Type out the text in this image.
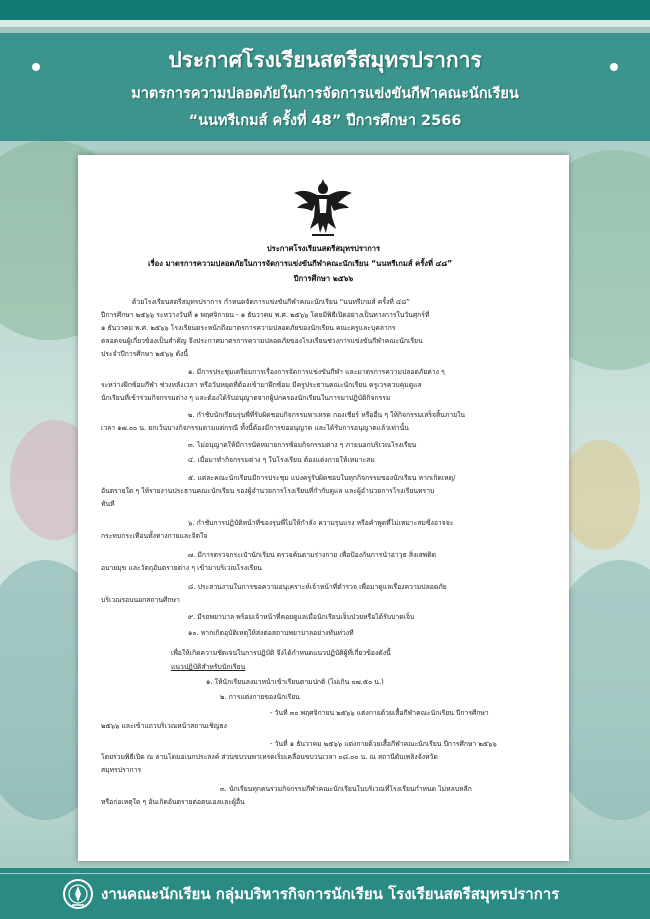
ประกาศโรงเรียนสตรีสมุทรปราการ
มาตรการความปลอดภัยในการจัดการแข่งขันกีฬาคณะนักเรียน
“นนทรีเกมส์ ครั้งที่ 48” ปีการศึกษา 2566
ประกาศโรงเรียนสตรีสมุทรปราการ
เรื่อง มาตรการความปลอดภัยในการจัดการแข่งขันกีฬาคณะนักเรียน “นนทรีเกมส์ ครั้งที่ ๔๘”
ปีการศึกษา ๒๕๖๖
ด้วยโรงเรียนสตรีสมุทรปราการ กำหนดจัดการแข่งขันกีฬาคณะนักเรียน “นนทรีเกมส์ ครั้งที่ ๔๘”
ปีการศึกษา ๒๕๖๖ ระหว่างวันที่ ๑ พฤศจิกายน - ๑ ธันวาคม พ.ศ. ๒๕๖๖ โดยมีพิธีเปิดอย่างเป็นทางการในวันศุกร์ที่
๑ ธันวาคม พ.ศ. ๒๕๖๖ โรงเรียนตระหนักถึงมาตรการความปลอดภัยของนักเรียน คณะครูและบุคลากร
ตลอดจนผู้เกี่ยวข้องเป็นสำคัญ จึงประกาศมาตรการความปลอดภัยของโรงเรียนช่วงการแข่งขันกีฬาคณะนักเรียน
ประจำปีการศึกษา ๒๕๖๖ ดังนี้
๑. มีการประชุมเตรียมการเรื่องการจัดการแข่งขันกีฬา และมาตรการความปลอดภัยต่าง ๆ
ระหว่างฝึกซ้อมกีฬา ช่วงหลังเวลา หรือวันหยุดที่ต้องเข้ามาฝึกซ้อม มีครูประธานคณะนักเรียน ครูเวรควบคุมดูแล
นักเรียนที่เข้าร่วมกิจกรรมต่าง ๆ และต้องได้รับอนุญาตจากผู้ปกครองนักเรียนในการมาปฏิบัติกิจกรรม
๒. กำชับนักเรียนรุ่นพี่ที่รับผิดชอบกิจกรรมพาเหรด กองเชียร์ หรืออื่น ๆ ให้กิจกรรมเสร็จสิ้นภายใน
เวลา ๑๗.๐๐ น. ยกเว้นบางกิจกรรมตามแต่กรณี ทั้งนี้ต้องมีการขออนุญาต และได้รับการอนุญาตแล้วเท่านั้น
๓. ไม่อนุญาตให้มีการนัดหมายการซ้อมกิจกรรมต่าง ๆ ภายนอกบริเวณโรงเรียน
๔. เมื่อมาทำกิจกรรมต่าง ๆ ในโรงเรียน ต้องแต่งกายให้เหมาะสม
๕. แต่ละคณะนักเรียนมีการประชุม แบ่งครูรับผิดชอบในทุกกิจกรรมของนักเรียน หากเกิดเหตุ/
อันตรายใด ๆ ให้รายงานประธานคณะนักเรียน รองผู้อำนวยการโรงเรียนที่กำกับดูแล และผู้อำนวยการโรงเรียนทราบ
ทันที
๖. กำชับการปฏิบัติหน้าที่ของรุ่นพี่ไม่ให้กำลัง ความรุนแรง หรือคำพูดที่ไม่เหมาะสมซึ่งอาจจะ
กระทบกระเทือนทั้งทางกายและจิตใจ
๗. มีการตรวจกระเป๋านักเรียน ตรวจค้นตามร่างกาย เพื่อป้องกันการนำอาวุธ สิ่งเสพติด
อบายมุข และวัตถุอันตรายต่าง ๆ เข้ามาบริเวณโรงเรียน
๘. ประสานงานในการขอความอนุเคราะห์เจ้าหน้าที่ตำรวจ เพื่อมาดูแลเรื่องความปลอดภัย
บริเวณรอบนอกสถานศึกษา
๙. มีรถพยาบาล พร้อมเจ้าหน้าที่คอยดูแลเมื่อนักเรียนเจ็บป่วยหรือได้รับบาดเจ็บ
๑๐. หากเกิดอุบัติเหตุให้ส่งต่อสถานพยาบาลอย่างทันท่วงที
เพื่อให้เกิดความชัดเจนในการปฏิบัติ จึงได้กำหนดแนวปฏิบัติผู้ที่เกี่ยวข้องดังนี้
แนวปฏิบัติสำหรับนักเรียน
๑. ให้นักเรียนลงมาหน้าเข้าเรียนตามปกติ (ไม่เกิน ๐๗.๕๐ น.)
๒. การแต่งกายของนักเรียน
- วันที่ ๓๐ พฤศจิกายน ๒๕๖๖ แต่งกายด้วยเสื้อกีฬาคณะนักเรียน ปีการศึกษา
๒๕๖๖ และเข้าแถวบริเวณหน้าสถานเชิญธง
- วันที่ ๑ ธันวาคม ๒๕๖๖ แต่งกายด้วยเสื้อกีฬาคณะนักเรียน ปีการศึกษา ๒๕๖๖
โดยร่วมพิธีเปิด ณ ลานโดมอเนกประสงค์ ส่วนขบวนพาเหรดเริ่มเคลื่อนขบวนเวลา ๐๘.๐๐ น. ณ สถานีดับเพลิงจังหวัด
สมุทรปราการ
๓. นักเรียนทุกคนร่วมกิจกรรมกีฬาคณะนักเรียนในบริเวณที่โรงเรียนกำหนด ไม่หลบหลีก
หรือก่อเหตุใด ๆ อันเกิดอันตรายต่อตนเองและผู้อื่น
งานคณะนักเรียน กลุ่มบริหารกิจการนักเรียน โรงเรียนสตรีสมุทรปราการ
